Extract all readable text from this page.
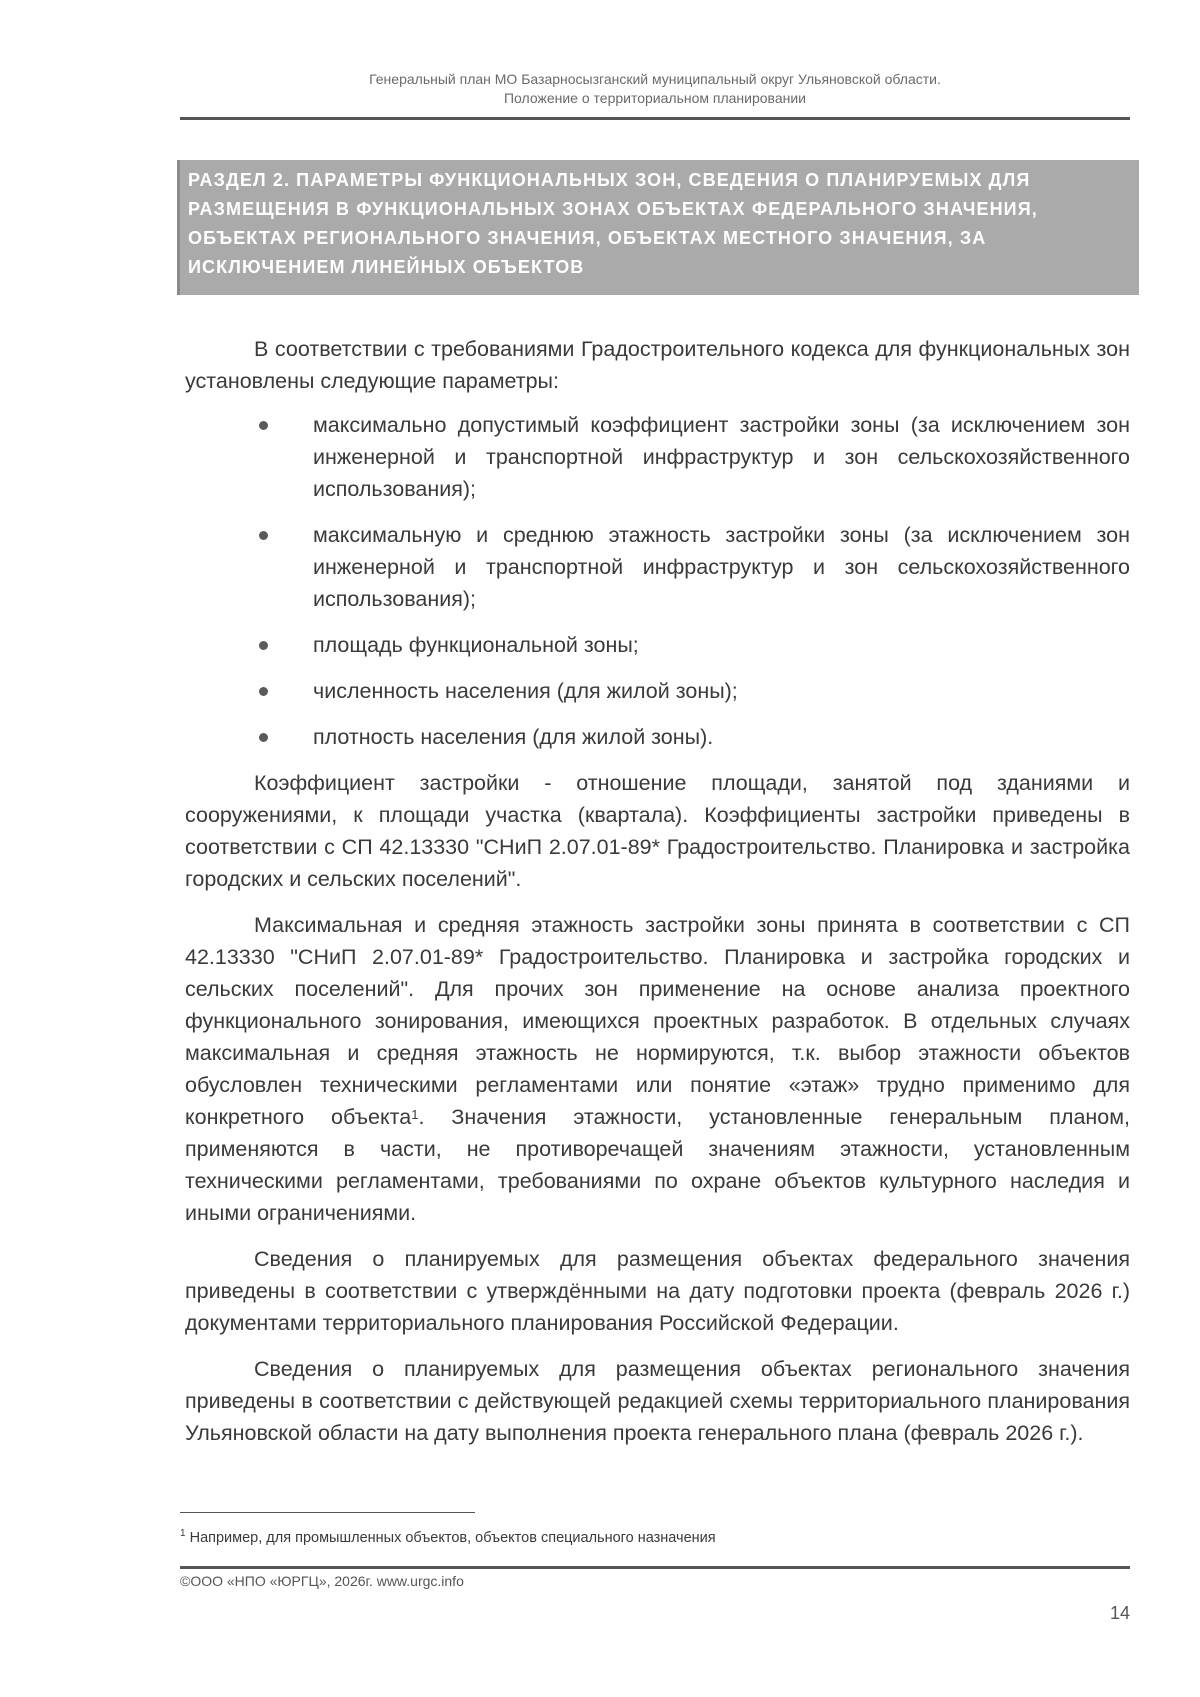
Генеральный план МО Базарносызганский муниципальный округ Ульяновской области.
Положение о территориальном планировании
РАЗДЕЛ 2. ПАРАМЕТРЫ ФУНКЦИОНАЛЬНЫХ ЗОН, СВЕДЕНИЯ О ПЛАНИРУЕМЫХ ДЛЯ РАЗМЕЩЕНИЯ В ФУНКЦИОНАЛЬНЫХ ЗОНАХ ОБЪЕКТАХ ФЕДЕРАЛЬНОГО ЗНАЧЕНИЯ, ОБЪЕКТАХ РЕГИОНАЛЬНОГО ЗНАЧЕНИЯ, ОБЪЕКТАХ МЕСТНОГО ЗНАЧЕНИЯ, ЗА ИСКЛЮЧЕНИЕМ ЛИНЕЙНЫХ ОБЪЕКТОВ

В соответствии с требованиями Градостроительного кодекса для функциональных зон установлены следующие параметры:

максимально допустимый коэффициент застройки зоны (за исключением зон инженерной и транспортной инфраструктур и зон сельскохозяйственного использования);
максимальную и среднюю этажность застройки зоны (за исключением зон инженерной и транспортной инфраструктур и зон сельскохозяйственного использования);
площадь функциональной зоны;
численность населения (для жилой зоны);
плотность населения (для жилой зоны).

Коэффициент застройки - отношение площади, занятой под зданиями и сооружениями, к площади участка (квартала). Коэффициенты застройки приведены в соответствии с СП 42.13330 "СНиП 2.07.01-89* Градостроительство. Планировка и застройка городских и сельских поселений".

Максимальная и средняя этажность застройки зоны принята в соответствии с СП 42.13330 "СНиП 2.07.01-89* Градостроительство. Планировка и застройка городских и сельских поселений". Для прочих зон применение на основе анализа проектного функционального зонирования, имеющихся проектных разработок. В отдельных случаях максимальная и средняя этажность не нормируются, т.к. выбор этажности объектов обусловлен техническими регламентами или понятие «этаж» трудно применимо для конкретного объекта$^1$. Значения этажности, установленные генеральным планом, применяются в части, не противоречащей значениям этажности, установленным техническими регламентами, требованиями по охране объектов культурного наследия и иными ограничениями.

Сведения о планируемых для размещения объектах федерального значения приведены в соответствии с утверждёнными на дату подготовки проекта (февраль 2026 г.) документами территориального планирования Российской Федерации.

Сведения о планируемых для размещения объектах регионального значения приведены в соответствии с действующей редакцией схемы территориального планирования Ульяновской области на дату выполнения проекта генерального плана (февраль 2026 г.).

$^1$ Например, для промышленных объектов, объектов специального назначения
©ООО «НПО «ЮРГЦ», 2026г. www.urgc.info
14
